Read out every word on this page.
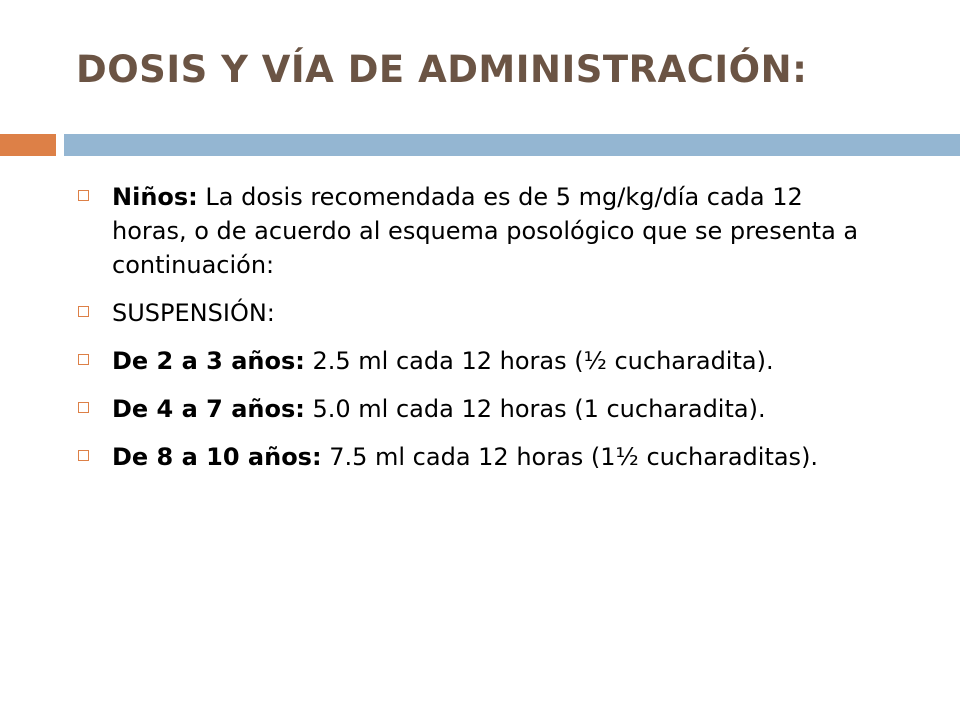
DOSIS Y VÍA DE ADMINISTRACIÓN:
Niños: La dosis recomendada es de 5 mg/kg/día cada 12 horas, o de acuerdo al esquema posológico que se presenta a continuación:
SUSPENSIÓN:
De 2 a 3 años: 2.5 ml cada 12 horas (½ cucharadita).
De 4 a 7 años: 5.0 ml cada 12 horas (1 cucharadita).
De 8 a 10 años: 7.5 ml cada 12 horas (1½ cucharaditas).
